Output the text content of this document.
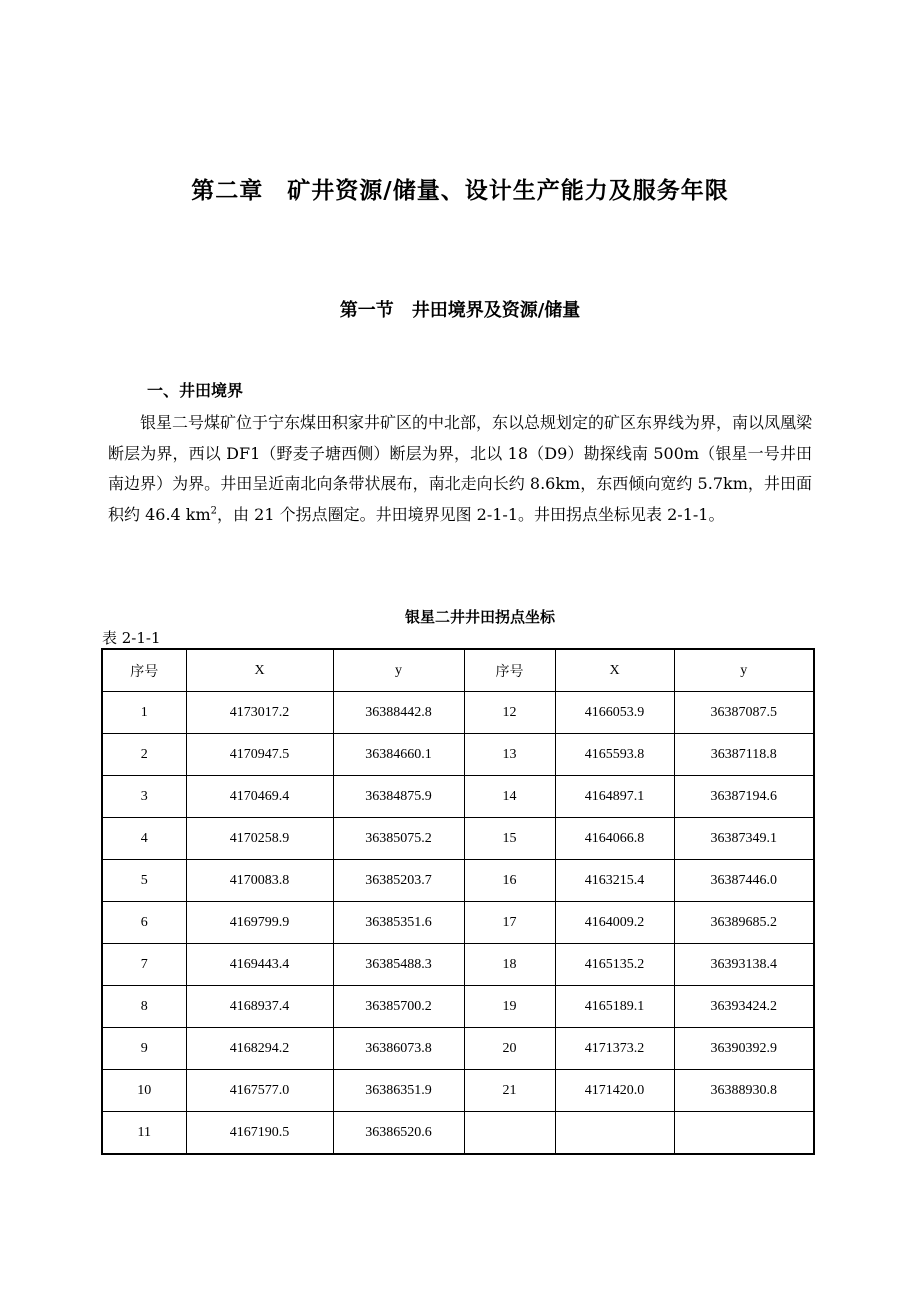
第二章　矿井资源/储量、设计生产能力及服务年限
第一节　井田境界及资源/储量
一、井田境界

银星二号煤矿位于宁东煤田积家井矿区的中北部，东以总规划定的矿区东界线为界，南以凤凰梁断层为界，西以 DF1（野麦子塘西侧）断层为界，北以 18（D9）勘探线南 500m（银星一号井田南边界）为界。井田呈近南北向条带状展布，南北走向长约 8.6km，东西倾向宽约 5.7km，井田面积约 46.4 $km^2$，由 21 个拐点圈定。井田境界见图 2-1-1。井田拐点坐标见表 2-1-1。

银星二井井田拐点坐标
表 2-1-1
序号	X	y	序号	X	y
1	4173017.2	36388442.8	12	4166053.9	36387087.5
2	4170947.5	36384660.1	13	4165593.8	36387118.8
3	4170469.4	36384875.9	14	4164897.1	36387194.6
4	4170258.9	36385075.2	15	4164066.8	36387349.1
5	4170083.8	36385203.7	16	4163215.4	36387446.0
6	4169799.9	36385351.6	17	4164009.2	36389685.2
7	4169443.4	36385488.3	18	4165135.2	36393138.4
8	4168937.4	36385700.2	19	4165189.1	36393424.2
9	4168294.2	36386073.8	20	4171373.2	36390392.9
10	4167577.0	36386351.9	21	4171420.0	36388930.8
11	4167190.5	36386520.6			
